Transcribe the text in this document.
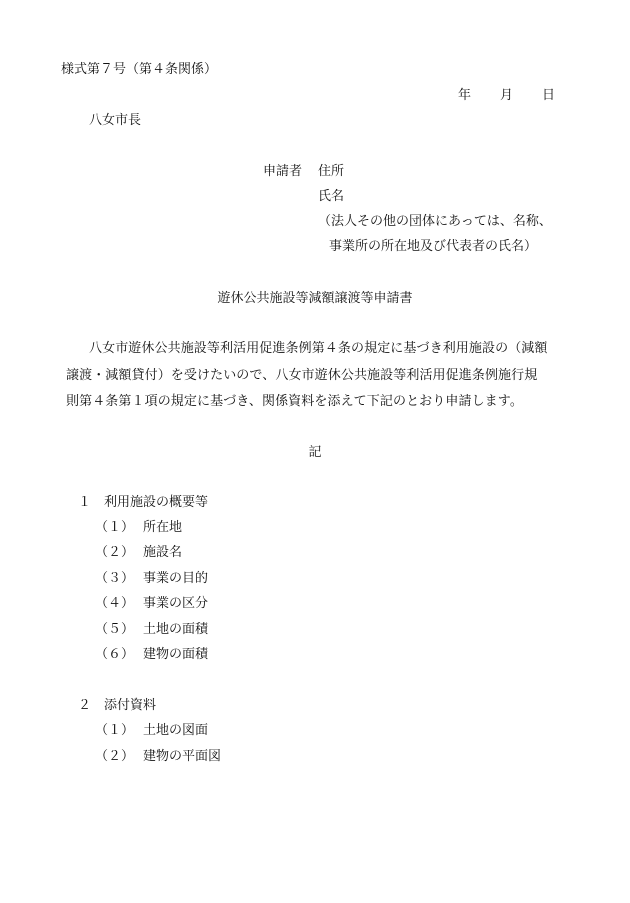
様式第７号（第４条関係）
年 月 日
八女市長
申請者 住所
氏名
（法人その他の団体にあっては、名称、
事業所の所在地及び代表者の氏名）
遊休公共施設等減額譲渡等申請書
八女市遊休公共施設等利活用促進条例第４条の規定に基づき利用施設の（減額
譲渡・減額貸付）を受けたいので、八女市遊休公共施設等利活用促進条例施行規
則第４条第１項の規定に基づき、関係資料を添えて下記のとおり申請します。
記
１ 利用施設の概要等
（１） 所在地
（２） 施設名
（３） 事業の目的
（４） 事業の区分
（５） 土地の面積
（６） 建物の面積
２ 添付資料
（１） 土地の図面
（２） 建物の平面図
